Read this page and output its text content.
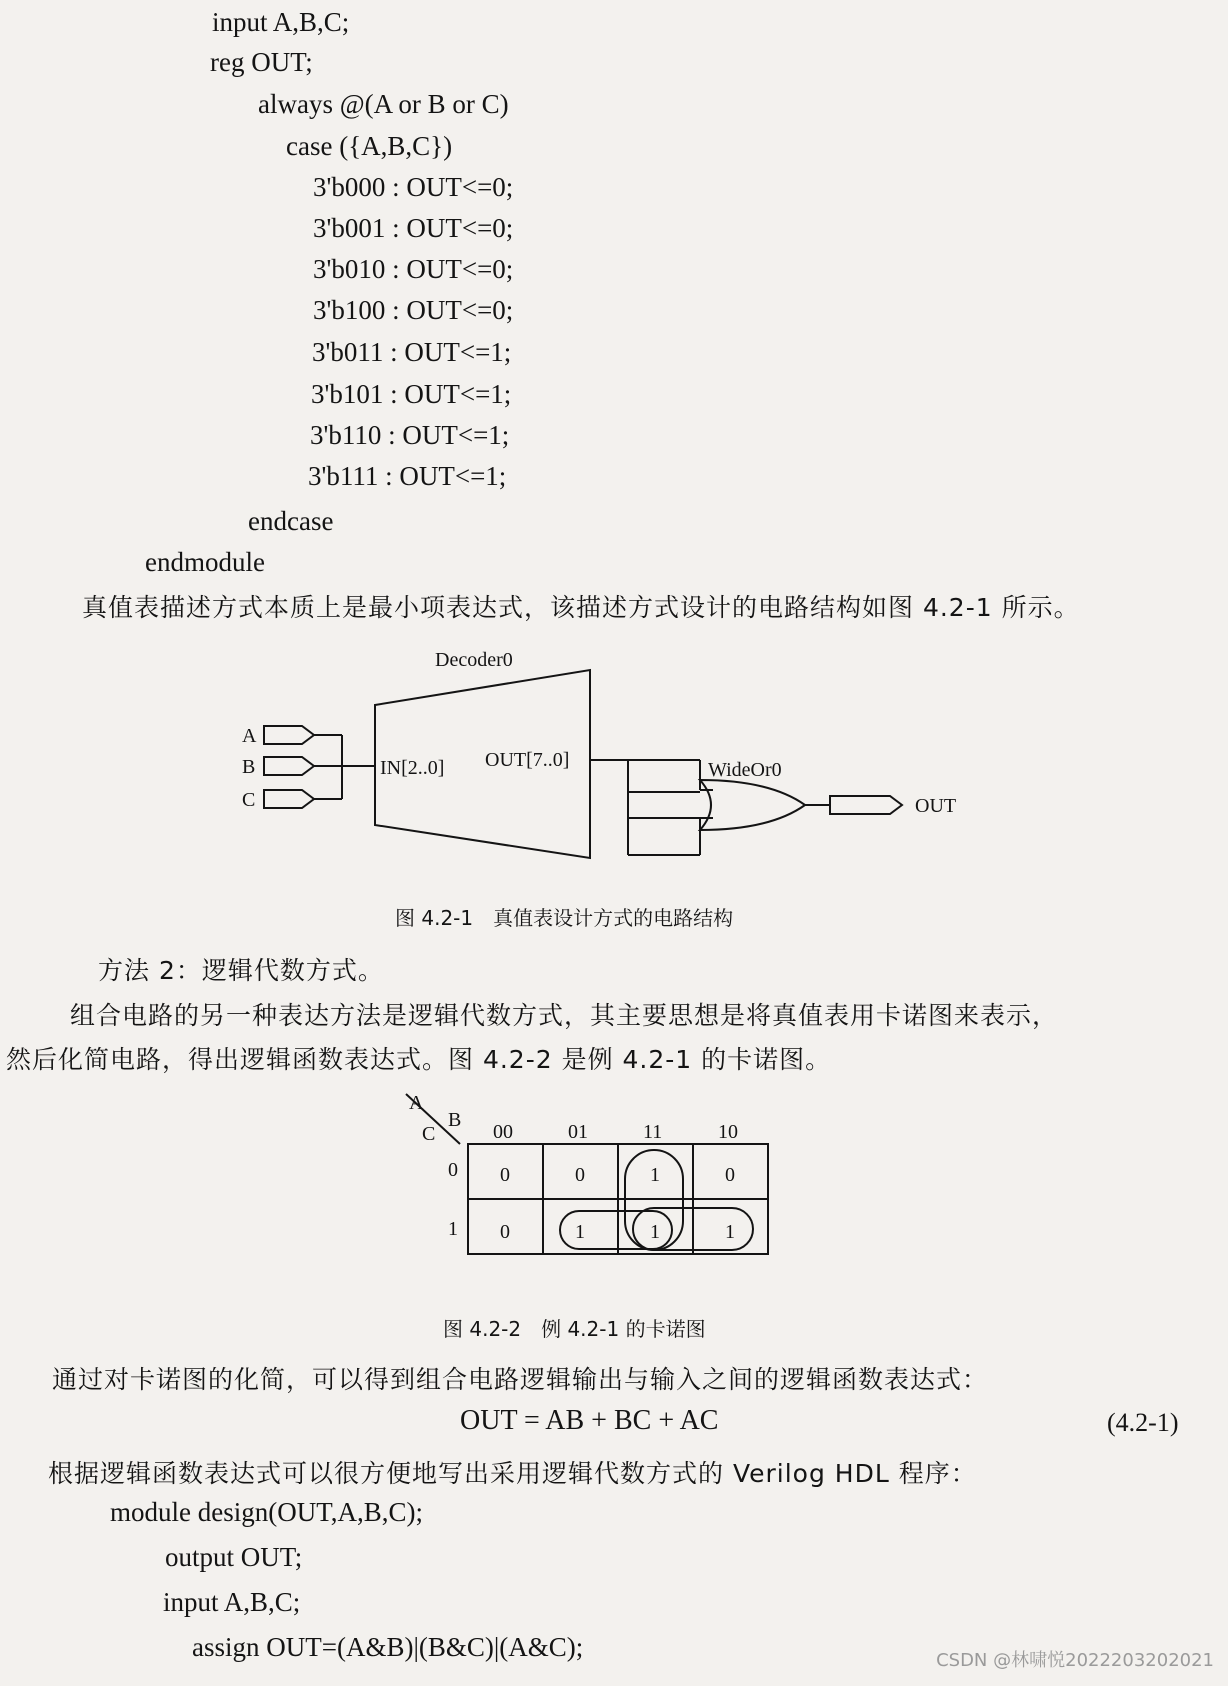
input A,B,C;
reg OUT;
always @(A or B or C)
case ({A,B,C})
3'b000 : OUT<=0;
3'b001 : OUT<=0;
3'b010 : OUT<=0;
3'b100 : OUT<=0;
3'b011 : OUT<=1;
3'b101 : OUT<=1;
3'b110 : OUT<=1;
3'b111 : OUT<=1;
endcase
endmodule
真值表描述方式本质上是最小项表达式，该描述方式设计的电路结构如图 4.2-1 所示。
Decoder0
IN[2..0] OUT[7..0]
A
B
C
WideOr0
OUT
图 4.2-1　真值表设计方式的电路结构
方法 2：逻辑代数方式。
组合电路的另一种表达方法是逻辑代数方式，其主要思想是将真值表用卡诺图来表示，
然后化简电路，得出逻辑函数表达式。图 4.2-2 是例 4.2-1 的卡诺图。
A
B
C	00	01	11	10
0
1
0	0	1	0
0	1	1	1
图 4.2-2　例 4.2-1 的卡诺图
通过对卡诺图的化简，可以得到组合电路逻辑输出与输入之间的逻辑函数表达式：
OUT = AB + BC + AC	(4.2-1)
根据逻辑函数表达式可以很方便地写出采用逻辑代数方式的 Verilog HDL 程序：
module design(OUT,A,B,C);
output OUT;
input A,B,C;
assign OUT=(A&B)|(B&C)|(A&C);	CSDN @林啸悦2022203202021
